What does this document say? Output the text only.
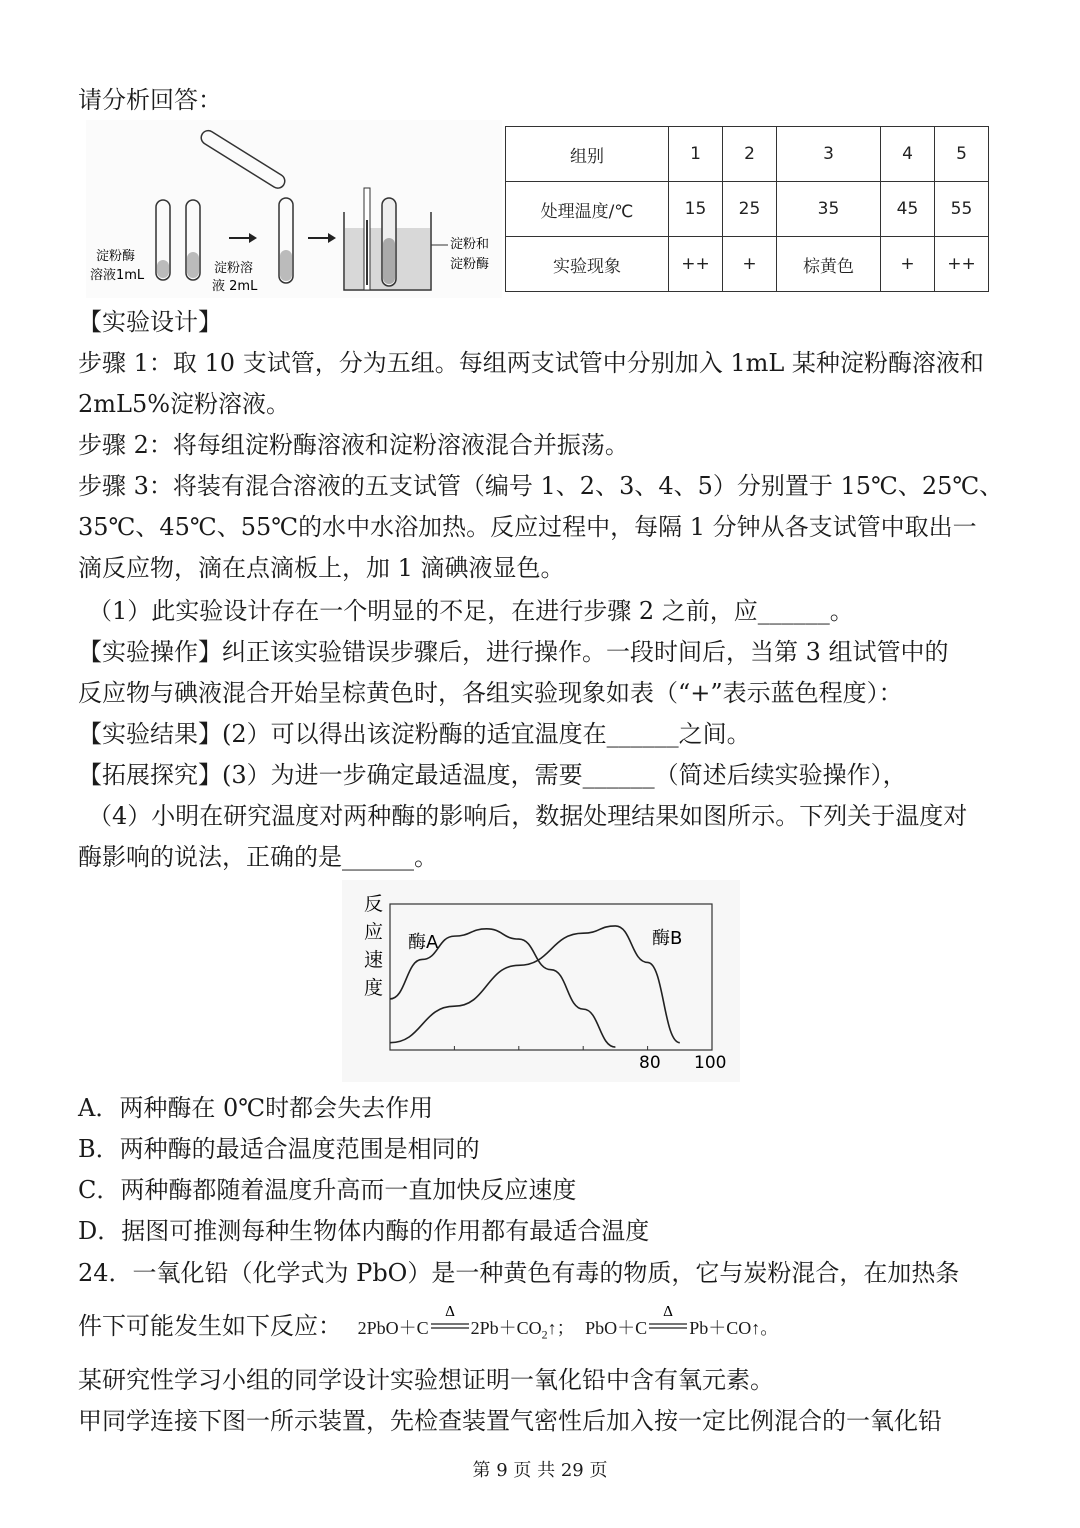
请分析回答：
淀粉酶
溶液1mL	淀粉溶
液 2mL
淀粉和
淀粉酶
组别	1	2	3	4	5
处理温度/℃	15	25	35	45	55
实验现象	++	+	棕黄色	+	++
【实验设计】
步骤 1：取 10 支试管，分为五组。每组两支试管中分别加入 1mL 某种淀粉酶溶液和
2mL5%淀粉溶液。
步骤 2：将每组淀粉酶溶液和淀粉溶液混合并振荡。
步骤 3：将装有混合溶液的五支试管（编号 1、2、3、4、5）分别置于 15℃、25℃、
35℃、45℃、55℃的水中水浴加热。反应过程中，每隔 1 分钟从各支试管中取出一
滴反应物，滴在点滴板上，加 1 滴碘液显色。
（1）此实验设计存在一个明显的不足，在进行步骤 2 之前，应______。
【实验操作】纠正该实验错误步骤后，进行操作。一段时间后，当第 3 组试管中的
反应物与碘液混合开始呈棕黄色时，各组实验现象如表（“+”表示蓝色程度）：
【实验结果】(2）可以得出该淀粉酶的适宜温度在______之间。
【拓展探究】(3）为进一步确定最适温度，需要______（简述后续实验操作），
（4）小明在研究温度对两种酶的影响后，数据处理结果如图所示。下列关于温度对
酶影响的说法，正确的是______。
反
应
速
度
酶A	酶B
80 100
A．两种酶在 0℃时都会失去作用
B．两种酶的最适合温度范围是相同的
C．两种酶都随着温度升高而一直加快反应速度
D．据图可推测每种生物体内酶的作用都有最适合温度
24．一氧化铅（化学式为 PbO）是一种黄色有毒的物质，它与炭粉混合，在加热条
件下可能发生如下反应： 2PbO＋C
Δ
$2Pb+CO_2↑$； PbO＋C
Δ
Pb＋CO↑。
某研究性学习小组的同学设计实验想证明一氧化铅中含有氧元素。
甲同学连接下图一所示装置，先检查装置气密性后加入按一定比例混合的一氧化铅
第 9 页 共 29 页
